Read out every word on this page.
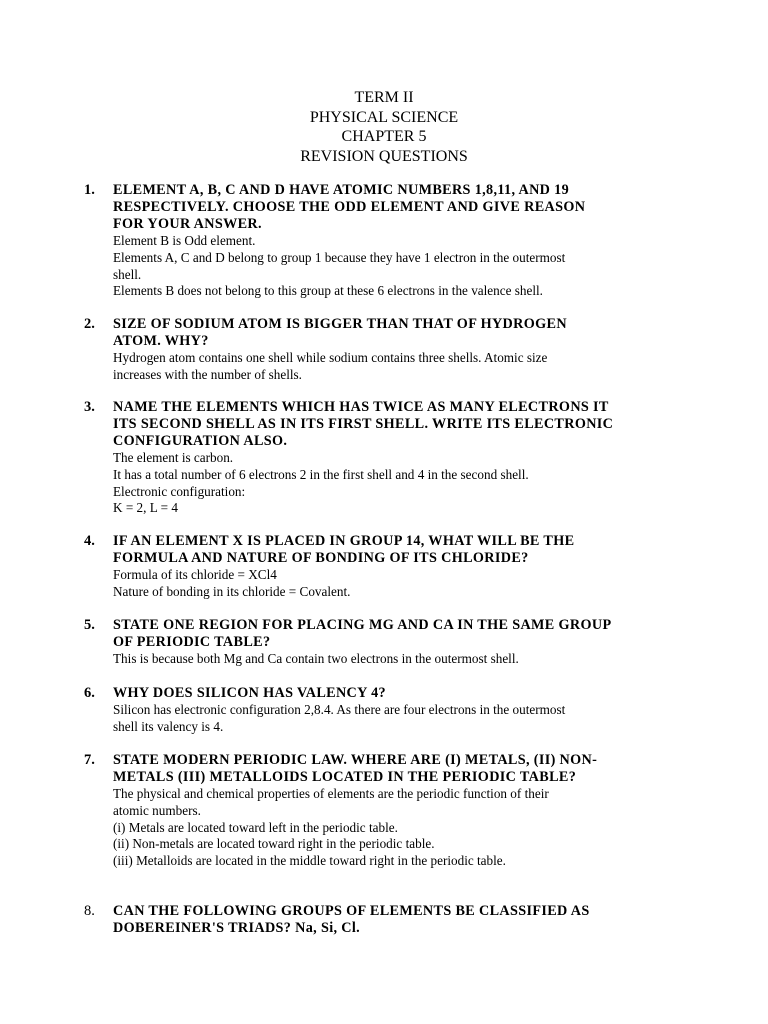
TERM II
PHYSICAL SCIENCE
CHAPTER 5
REVISION QUESTIONS
1.	ELEMENT A, B, C AND D HAVE ATOMIC NUMBERS 1,8,11, AND 19
RESPECTIVELY. CHOOSE THE ODD ELEMENT AND GIVE REASON
FOR YOUR ANSWER.
Element B is Odd element.
Elements A, C and D belong to group 1 because they have 1 electron in the outermost
shell.
Elements B does not belong to this group at these 6 electrons in the valence shell.
2.	SIZE OF SODIUM ATOM IS BIGGER THAN THAT OF HYDROGEN
ATOM. WHY?
Hydrogen atom contains one shell while sodium contains three shells. Atomic size
increases with the number of shells.
3.	NAME THE ELEMENTS WHICH HAS TWICE AS MANY ELECTRONS IT
ITS SECOND SHELL AS IN ITS FIRST SHELL. WRITE ITS ELECTRONIC
CONFIGURATION ALSO.
The element is carbon.
It has a total number of 6 electrons 2 in the first shell and 4 in the second shell.
Electronic configuration:
K = 2, L = 4
4.	IF AN ELEMENT X IS PLACED IN GROUP 14, WHAT WILL BE THE
FORMULA AND NATURE OF BONDING OF ITS CHLORIDE?
Formula of its chloride = XCl4
Nature of bonding in its chloride = Covalent.
5.	STATE ONE REGION FOR PLACING MG AND CA IN THE SAME GROUP
OF PERIODIC TABLE?
This is because both Mg and Ca contain two electrons in the outermost shell.
6.	WHY DOES SILICON HAS VALENCY 4?
Silicon has electronic configuration 2,8.4. As there are four electrons in the outermost
shell its valency is 4.
7.	STATE MODERN PERIODIC LAW. WHERE ARE (I) METALS, (II) NON-
METALS (III) METALLOIDS LOCATED IN THE PERIODIC TABLE?
The physical and chemical properties of elements are the periodic function of their
atomic numbers.
(i) Metals are located toward left in the periodic table.
(ii) Non-metals are located toward right in the periodic table.
(iii) Metalloids are located in the middle toward right in the periodic table.
8.	CAN THE FOLLOWING GROUPS OF ELEMENTS BE CLASSIFIED AS
DOBEREINER'S TRIADS? Na, Si, Cl.
